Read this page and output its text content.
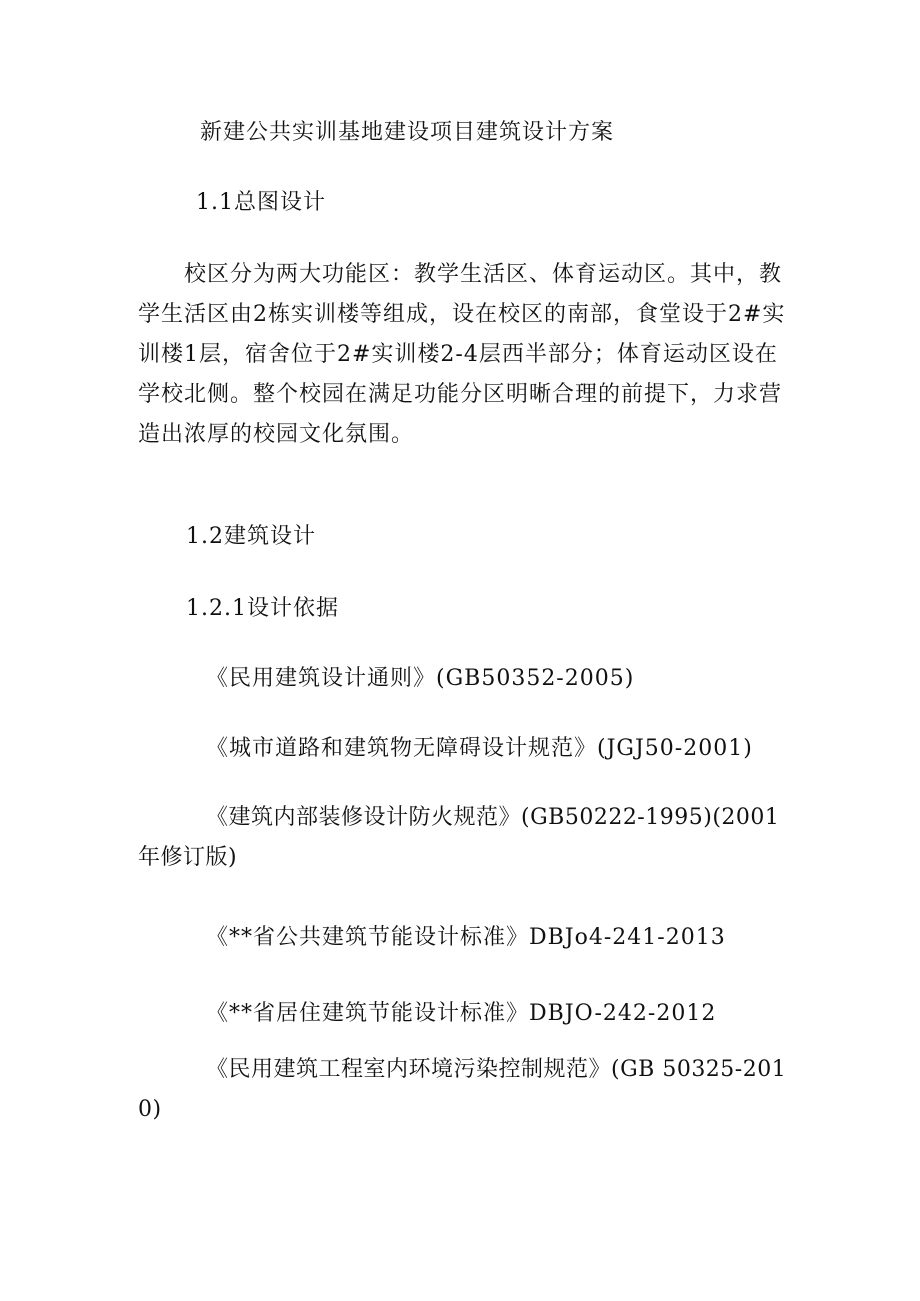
新建公共实训基地建设项目建筑设计方案
1.1总图设计
校区分为两大功能区：教学生活区、体育运动区。其中，教学生活区由2栋实训楼等组成，设在校区的南部，食堂设于2#实训楼1层，宿舍位于2#实训楼2-4层西半部分；体育运动区设在学校北侧。整个校园在满足功能分区明晰合理的前提下，力求营造出浓厚的校园文化氛围。
1.2建筑设计
1.2.1设计依据
《民用建筑设计通则》(GB50352-2005)
《城市道路和建筑物无障碍设计规范》(JGJ50-2001)
《建筑内部装修设计防火规范》(GB50222-1995)(2001年修订版)
《**省公共建筑节能设计标准》DBJo4-241-2013
《**省居住建筑节能设计标准》DBJO-242-2012
《民用建筑工程室内环境污染控制规范》(GB 50325-2010)
